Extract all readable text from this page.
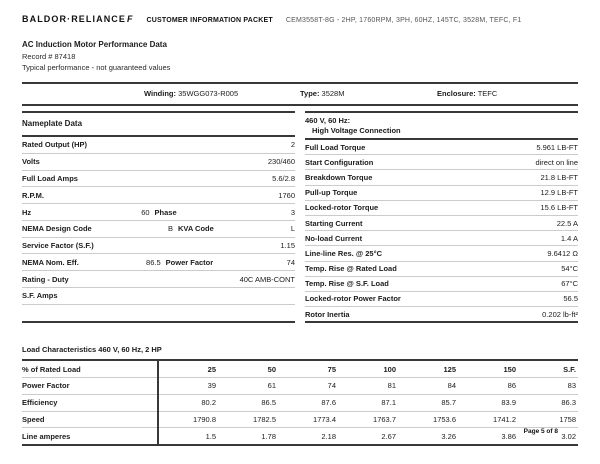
BALDOR·RELIANCEF CUSTOMER INFORMATION PACKET CEM3558T-8G - 2HP, 1760RPM, 3PH, 60HZ, 145TC, 3528M, TEFC, F1
AC Induction Motor Performance Data
Record # 87418
Typical performance - not guaranteed values
Winding: 35WGG073-R005	Type: 3528M	Enclosure: TEFC
Nameplate Data
Rated Output (HP)	2
Volts	230/460
Full Load Amps	5.6/2.8
R.P.M.	1760
Hz	60 Phase	3
NEMA Design Code	B KVA Code	L
Service Factor (S.F.)	1.15
NEMA Nom. Eff.	86.5 Power Factor	74
Rating - Duty	40C AMB-CONT
S.F. Amps
460 V, 60 Hz:
High Voltage Connection
Full Load Torque	5.961 LB-FT
Start Configuration	direct on line
Breakdown Torque	21.8 LB-FT
Pull-up Torque	12.9 LB-FT
Locked-rotor Torque	15.6 LB-FT
Starting Current	22.5 A
No-load Current	1.4 A
Line-line Res. @ 25°C	9.6412 Ω
Temp. Rise @ Rated Load	54°C
Temp. Rise @ S.F. Load	67°C
Locked-rotor Power Factor	56.5
Rotor Inertia	0.202 lb-ft²
Load Characteristics 460 V, 60 Hz, 2 HP
% of Rated Load	25	50	75	100	125	150	S.F.
Power Factor	39	61	74	81	84	86	83
Efficiency	80.2	86.5	87.6	87.1	85.7	83.9	86.3
Speed	1790.8	1782.5	1773.4	1763.7	1753.6	1741.2	1758
Line amperes	1.5	1.78	2.18	2.67	3.26	3.86	3.02
Page 5 of 8
